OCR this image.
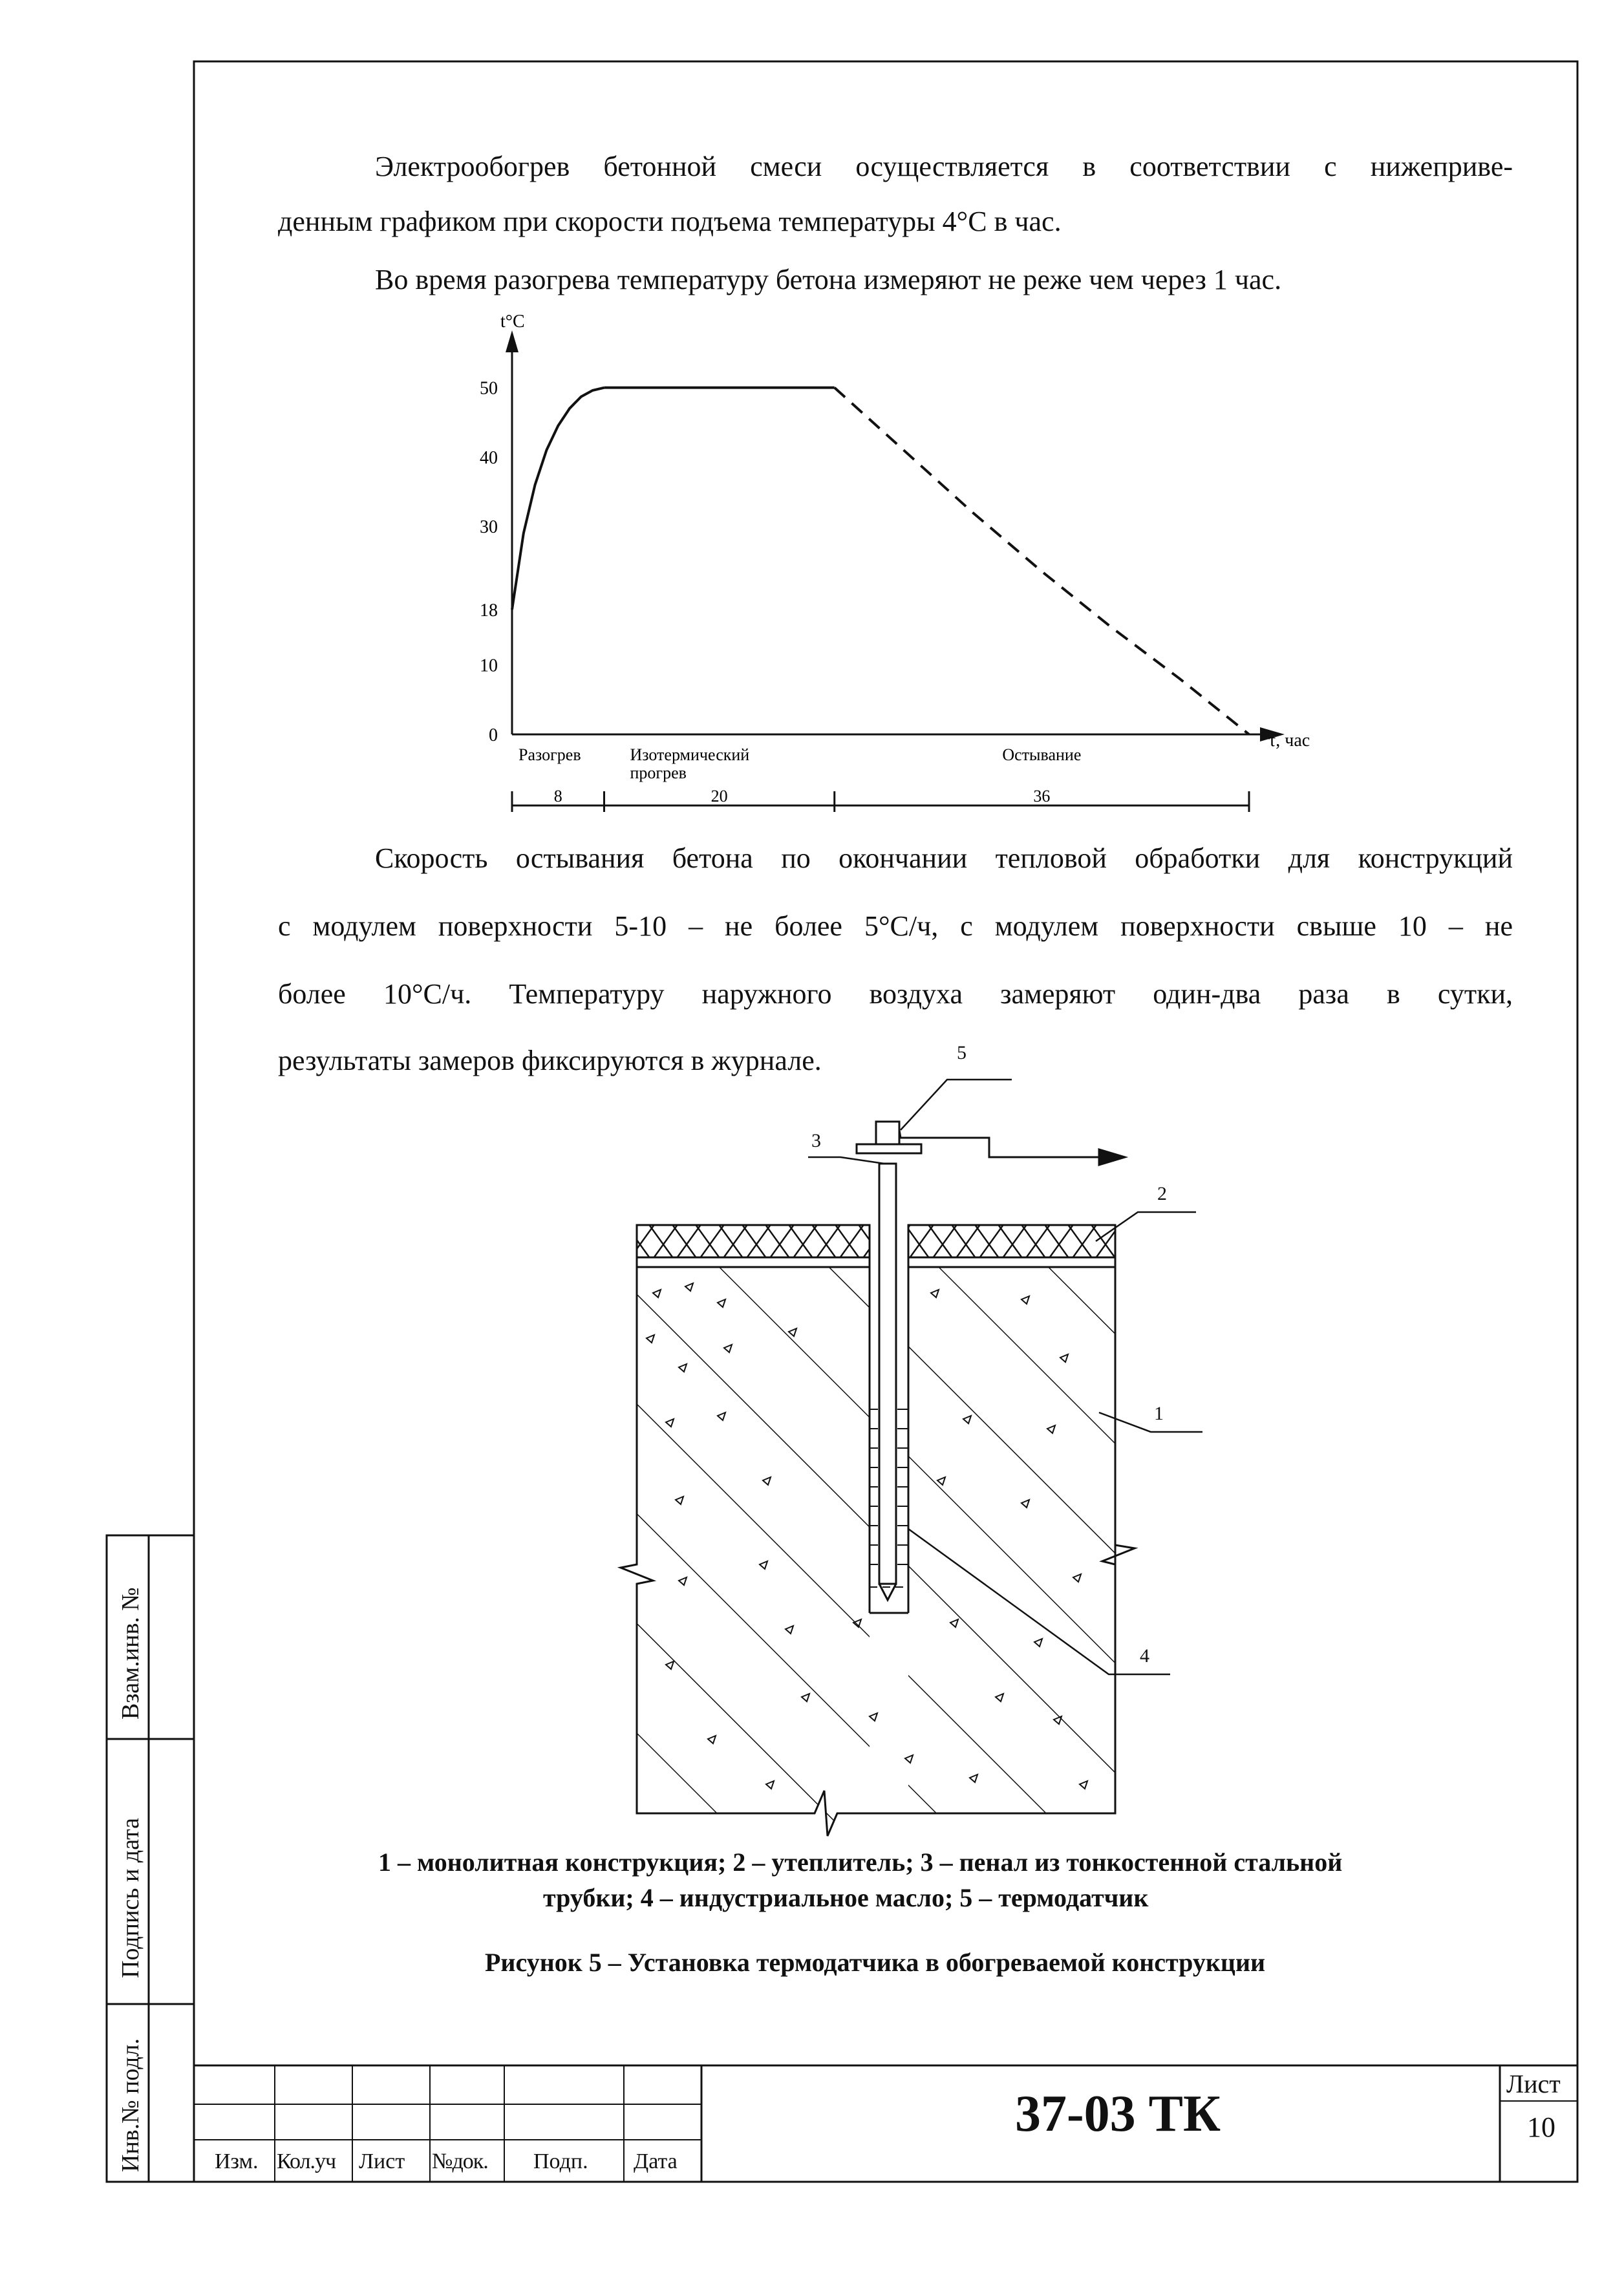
Электрообогрев бетонной смеси осуществляется в соответствии с нижеприве-

денным графиком при скорости подъема температуры 4°С в час.

Во время разогрева температуру бетона измеряют не реже чем через 1 час.

0
10
18
30
40
50
t°C
τ, час
8
Разогрев
20
Изотермический
прогрев
36
Остывание

Скорость остывания бетона по окончании тепловой обработки для конструкций

с модулем поверхности 5-10 – не более 5°С/ч, с модулем поверхности свыше 10 – не

более 10°С/ч. Температуру наружного воздуха замеряют один-два раза в сутки,

результаты замеров фиксируются в журнале.	5
3
2
1
4
1 – монолитная конструкция; 2 – утеплитель; 3 – пенал из тонкостенной стальной
трубки; 4 – индустриальное масло; 5 – термодатчик
Рисунок 5 – Установка термодатчика в обогреваемой конструкции
Изм. Кол.уч Лист №док. Подп. Дата
37-03 ТК
Лист
10
Взам.инв. №
Подпись и дата
Инв.№ подл.
